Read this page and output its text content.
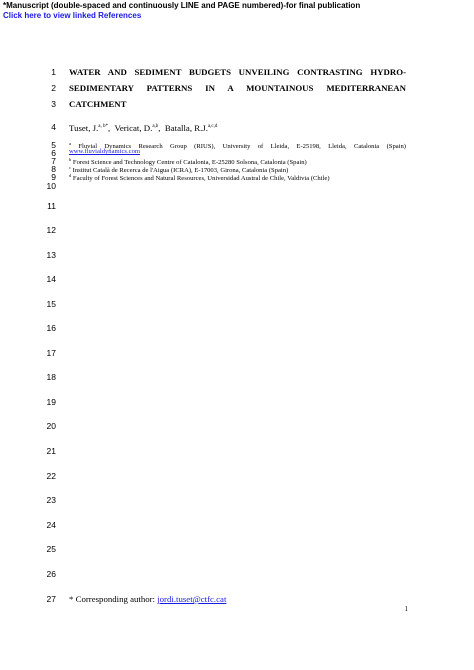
*Manuscript (double-spaced and continuously LINE and PAGE numbered)-for final publication
Click here to view linked References
1
2
3
4
5
6
7
8
9
10
11
12
13
14
15
16
17
18
19
20
21
22
23
24
25
26
27
WATER AND SEDIMENT BUDGETS UNVEILING CONTRASTING HYDRO-
SEDIMENTARY PATTERNS IN A MOUNTAINOUS MEDITERRANEAN
CATCHMENT
Tuset, J.$^{a, b*}$,  Vericat, D.$^{a,b}$,  Batalla, R.J.$^{a,c,d}$
$^a$ Fluvial Dynamics Research Group (RIUS), University of Lleida, E-25198, Lleida, Catalonia (Spain)
www.fluvialdynamics.com
$^b$ Forest Science and Technology Centre of Catalonia, E-25280 Solsona, Catalonia (Spain)
$^c$ Institut Català de Recerca de l'Aigua (ICRA), E-17003, Girona, Catalonia (Spain)
$^d$ Faculty of Forest Sciences and Natural Resources, Universidad Austral de Chile, Valdivia (Chile)
* Corresponding author: jordi.tuset@ctfc.cat
1
